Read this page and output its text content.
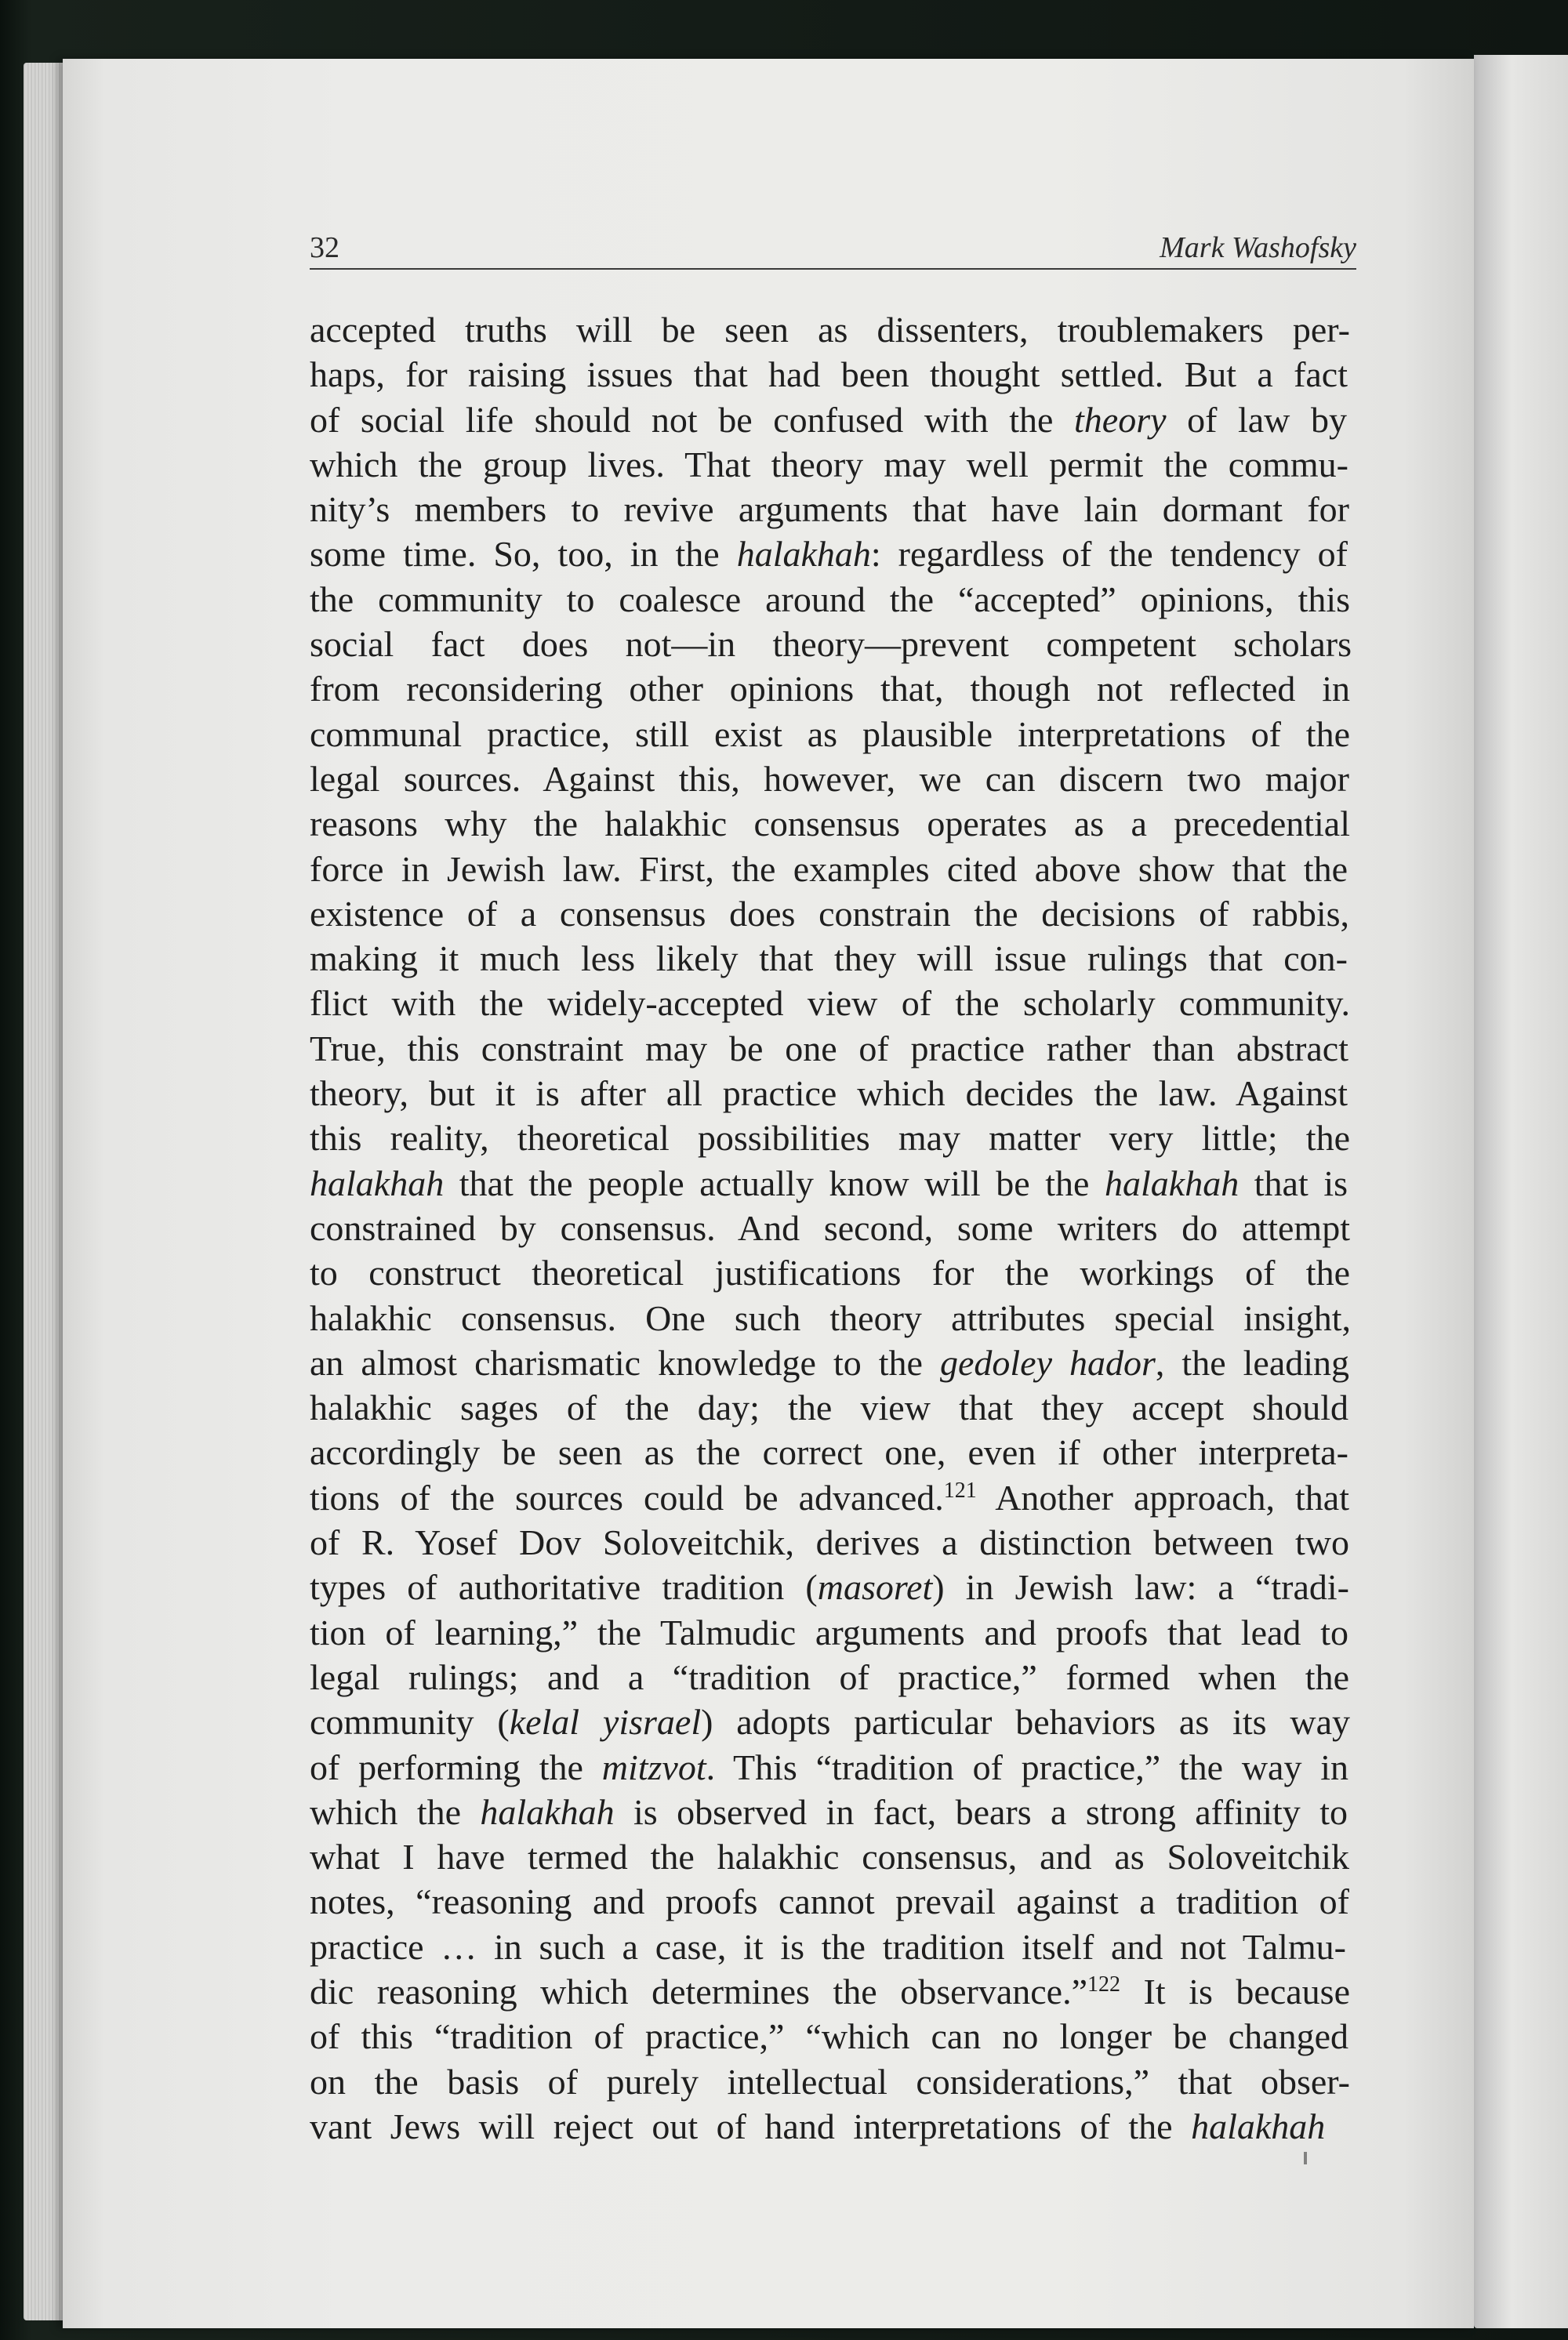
32	Mark Washofsky
accepted truths will be seen as dissenters, troublemakers per-
haps, for raising issues that had been thought settled. But a fact
of social life should not be confused with the theory of law by
which the group lives. That theory may well permit the commu-
nity’s members to revive arguments that have lain dormant for
some time. So, too, in the halakhah: regardless of the tendency of
the community to coalesce around the “accepted” opinions, this
social fact does not—in theory—prevent competent scholars
from reconsidering other opinions that, though not reflected in
communal practice, still exist as plausible interpretations of the
legal sources. Against this, however, we can discern two major
reasons why the halakhic consensus operates as a precedential
force in Jewish law. First, the examples cited above show that the
existence of a consensus does constrain the decisions of rabbis,
making it much less likely that they will issue rulings that con-
flict with the widely-accepted view of the scholarly community.
True, this constraint may be one of practice rather than abstract
theory, but it is after all practice which decides the law. Against
this reality, theoretical possibilities may matter very little; the
halakhah that the people actually know will be the halakhah that is
constrained by consensus. And second, some writers do attempt
to construct theoretical justifications for the workings of the
halakhic consensus. One such theory attributes special insight,
an almost charismatic knowledge to the gedoley hador, the leading
halakhic sages of the day; the view that they accept should
accordingly be seen as the correct one, even if other interpreta-
tions of the sources could be advanced.$^{121}$ Another approach, that
of R. Yosef Dov Soloveitchik, derives a distinction between two
types of authoritative tradition (masoret) in Jewish law: a “tradi-
tion of learning,” the Talmudic arguments and proofs that lead to
legal rulings; and a “tradition of practice,” formed when the
community (kelal yisrael) adopts particular behaviors as its way
of performing the mitzvot. This “tradition of practice,” the way in
which the halakhah is observed in fact, bears a strong affinity to
what I have termed the halakhic consensus, and as Soloveitchik
notes, “reasoning and proofs cannot prevail against a tradition of
practice … in such a case, it is the tradition itself and not Talmu-
dic reasoning which determines the observance.”$^{122}$ It is because
of this “tradition of practice,” “which can no longer be changed
on the basis of purely intellectual considerations,” that obser-
vant Jews will reject out of hand interpretations of the halakhah
